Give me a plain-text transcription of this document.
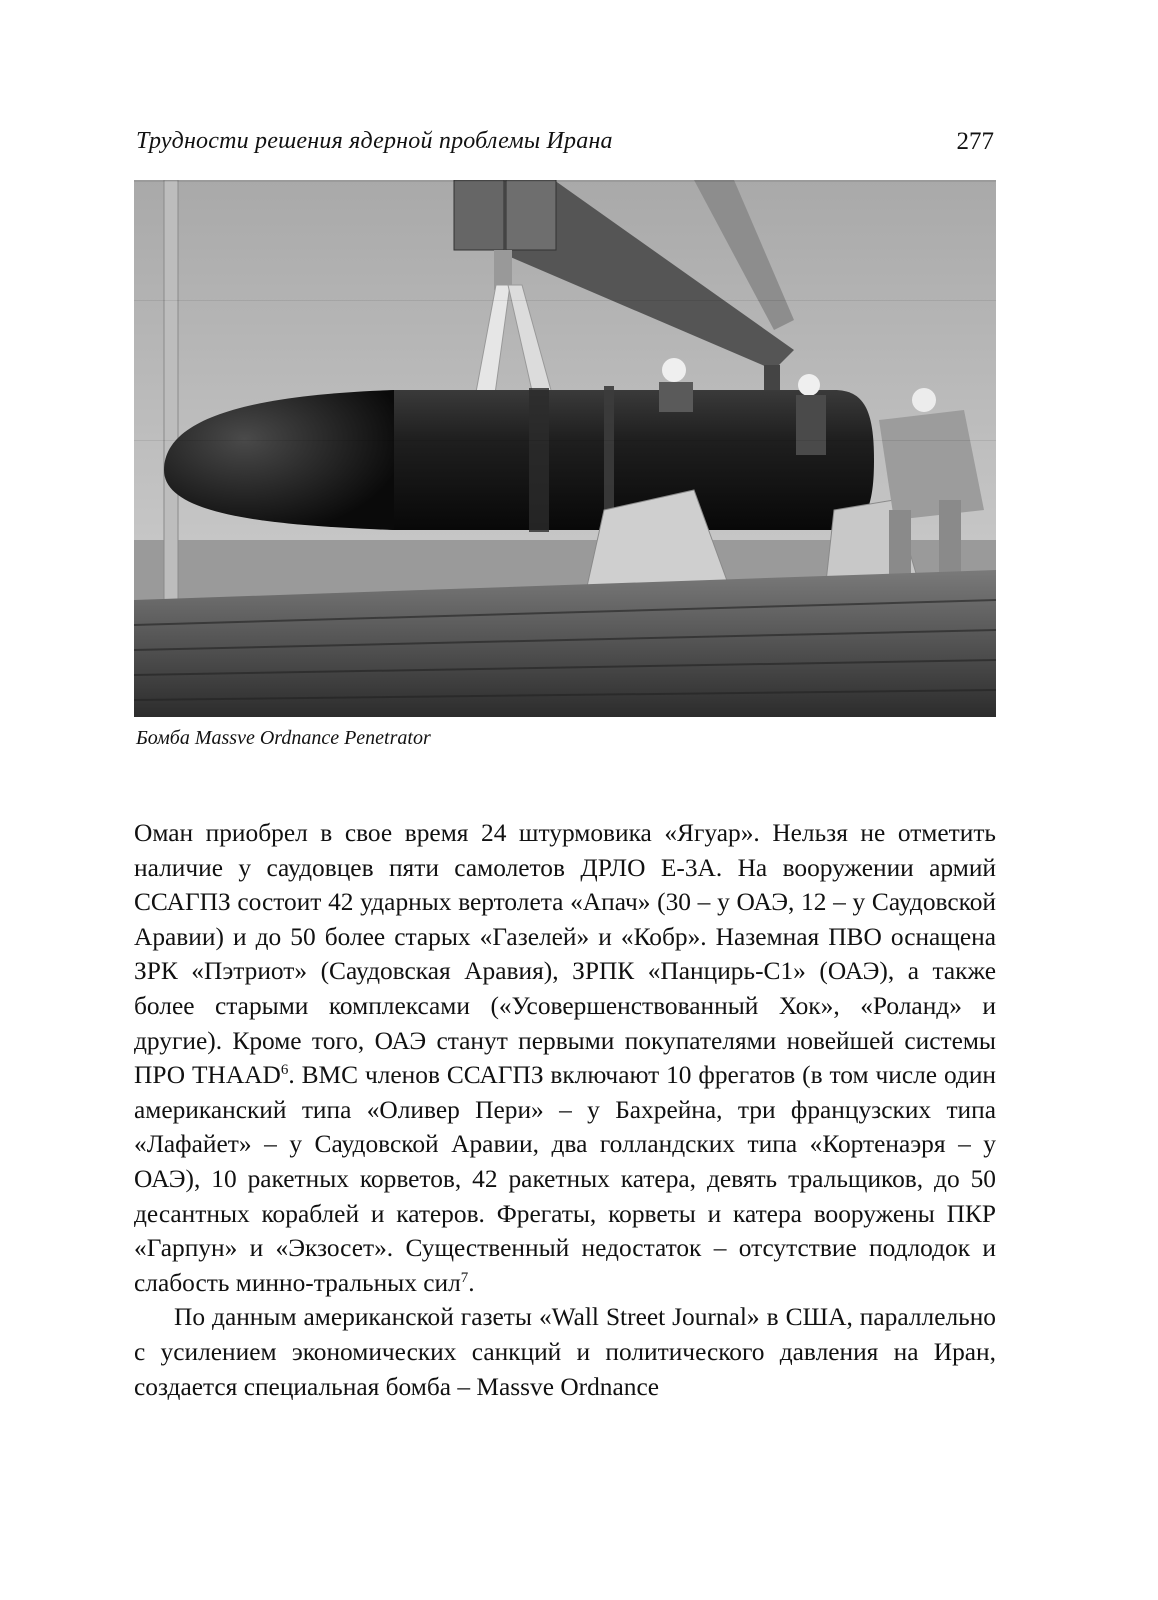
Трудности решения ядерной проблемы Ирана	277
Бомба Massve Ordnance Penetrator

Оман приобрел в свое время 24 штурмовика «Ягуар». Нельзя не отметить наличие у саудовцев пяти самолетов ДРЛО Е-3А. На вооружении армий ССАГПЗ состоит 42 ударных вертолета «Апач» (30 – у ОАЭ, 12 – у Саудовской Аравии) и до 50 более старых «Газелей» и «Кобр». Наземная ПВО оснащена ЗРК «Пэтриот» (Саудовская Аравия), ЗРПК «Панцирь-С1» (ОАЭ), а также более старыми комплексами («Усовершенствованный Хок», «Роланд» и другие). Кроме того, ОАЭ станут первыми покупателями новейшей системы ПРО THAAD$^6$. ВМС членов ССАГПЗ включают 10 фрегатов (в том числе один американский типа «Оливер Пери» – у Бахрейна, три французских типа «Лафайет» – у Саудовской Аравии, два голландских типа «Кортенаэря – у ОАЭ), 10 ракетных корветов, 42 ракетных катера, девять тральщиков, до 50 десантных кораблей и катеров. Фрегаты, корветы и катера вооружены ПКР «Гарпун» и «Экзосет». Существенный недостаток – отсутствие подлодок и слабость минно-тральных сил$^7$.

По данным американской газеты «Wall Street Journal» в США, параллельно с усилением экономических санкций и политического давления на Иран, создается специальная бомба – Massve Ordnance
